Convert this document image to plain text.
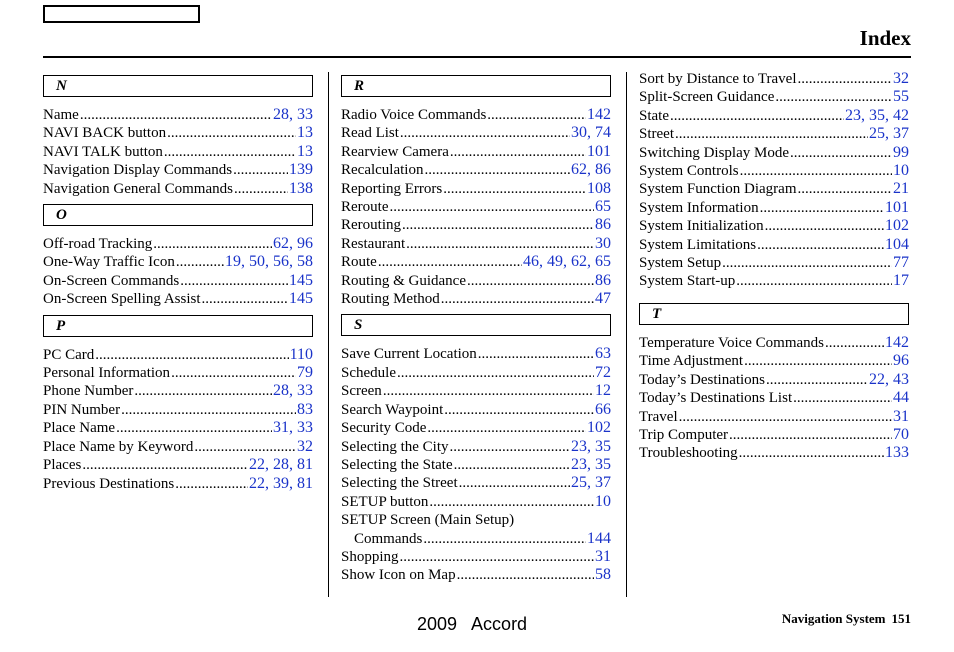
Index
N
Name .....	28, 33
NAVI BACK button .....	13
NAVI TALK button .....	13
Navigation Display Commands .....	139
Navigation General Commands .....	138
O
Off-road Tracking .....	62, 96
One-Way Traffic Icon .....	19, 50, 56, 58
On-Screen Commands .....	145
On-Screen Spelling Assist .....	145
P
PC Card .....	110
Personal Information .....	79
Phone Number .....	28, 33
PIN Number .....	83
Place Name .....	31, 33
Place Name by Keyword .....	32
Places .....	22, 28, 81
Previous Destinations .....	22, 39, 81
R
Radio Voice Commands .....	142
Read List .....	30, 74
Rearview Camera .....	101
Recalculation .....	62, 86
Reporting Errors .....	108
Reroute .....	65
Rerouting .....	86
Restaurant .....	30
Route .....	46, 49, 62, 65
Routing & Guidance .....	86
Routing Method .....	47
S
Save Current Location .....	63
Schedule .....	72
Screen .....	12
Search Waypoint .....	66
Security Code .....	102
Selecting the City .....	23, 35
Selecting the State .....	23, 35
Selecting the Street .....	25, 37
SETUP button .....	10
SETUP Screen (Main Setup)
Commands .....	144
Shopping .....	31
Show Icon on Map .....	58
Sort by Distance to Travel .....	32
Split-Screen Guidance .....	55
State .....	23, 35, 42
Street .....	25, 37
Switching Display Mode .....	99
System Controls .....	10
System Function Diagram .....	21
System Information .....	101
System Initialization .....	102
System Limitations .....	104
System Setup .....	77
System Start-up .....	17
T
Temperature Voice Commands .....	142
Time Adjustment .....	96
Today’s Destinations .....	22, 43
Today’s Destinations List .....	44
Travel .....	31
Trip Computer .....	70
Troubleshooting .....	133
2009 Accord	Navigation System 151
